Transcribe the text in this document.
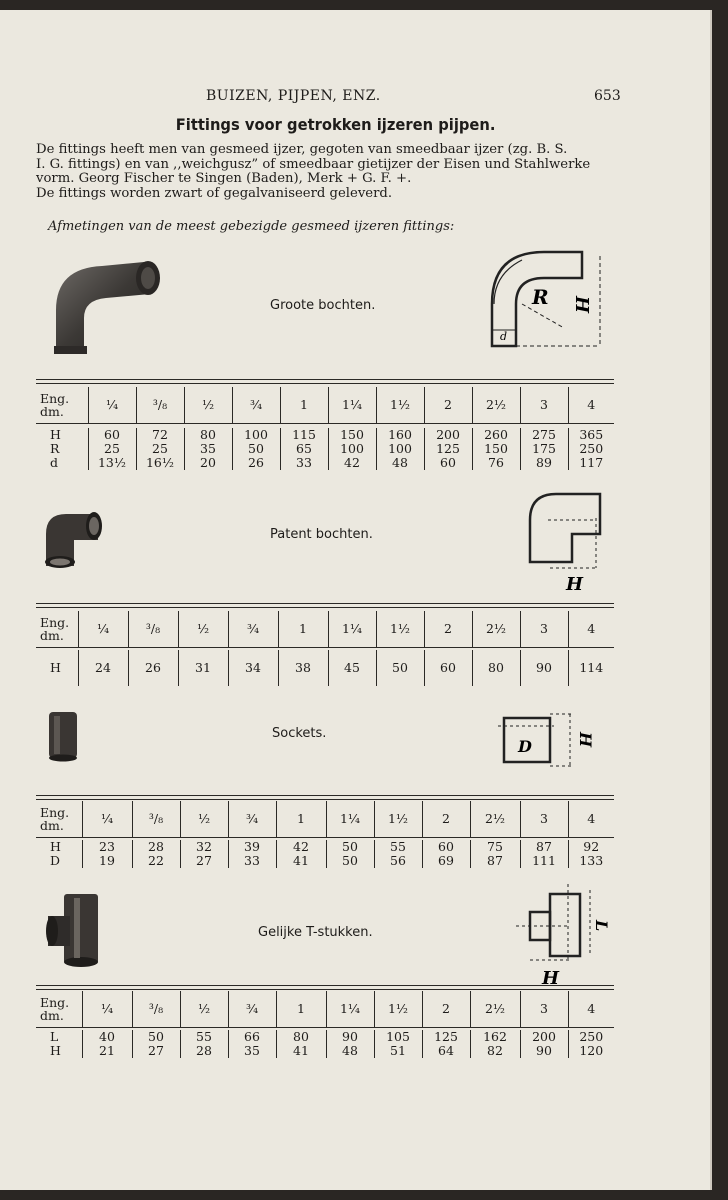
BUIZEN, PIJPEN, ENZ.	653
Fittings voor getrokken ijzeren pijpen.
De fittings heeft men van gesmeed ijzer, gegoten van smeedbaar ijzer (zg. B. S.
I. G. fittings) en van ,,weichgusz” of smeedbaar gietijzer der Eisen und Stahlwerke
vorm. Georg Fischer te Singen (Baden), Merk + G. F. +.
De fittings worden zwart of gegalvaniseerd geleverd.
Afmetingen van de meest gebezigde gesmeed ijzeren fittings:
Groote bochten.	R H
d
Eng.
dm.	¼	³/₈	½	¾	1	1¼	1½	2	2½	3	4

H	60	72	80	100	115	150	160	200	260	275	365
R	25	25	35	50	65	100	100	125	150	175	250
d	13½	16½	20	26	33	42	48	60	76	89	117
Patent bochten.
H
Eng.
dm.	¼	³/₈	½	¾	1	1¼	1½	2	2½	3	4

H	24	26	31	34	38	45	50	60	80	90	114
Sockets.
D	H
Eng.
dm.	¼	³/₈	½	¾	1	1¼	1½	2	2½	3	4

H	23	28	32	39	42	50	55	60	75	87	92
D	19	22	27	33	41	50	56	69	87	111	133
Gelijke T-stukken.	L
H
Eng.
dm.	¼	³/₈	½	¾	1	1¼	1½	2	2½	3	4

L	40	50	55	66	80	90	105	125	162	200	250
H	21	27	28	35	41	48	51	64	82	90	120
